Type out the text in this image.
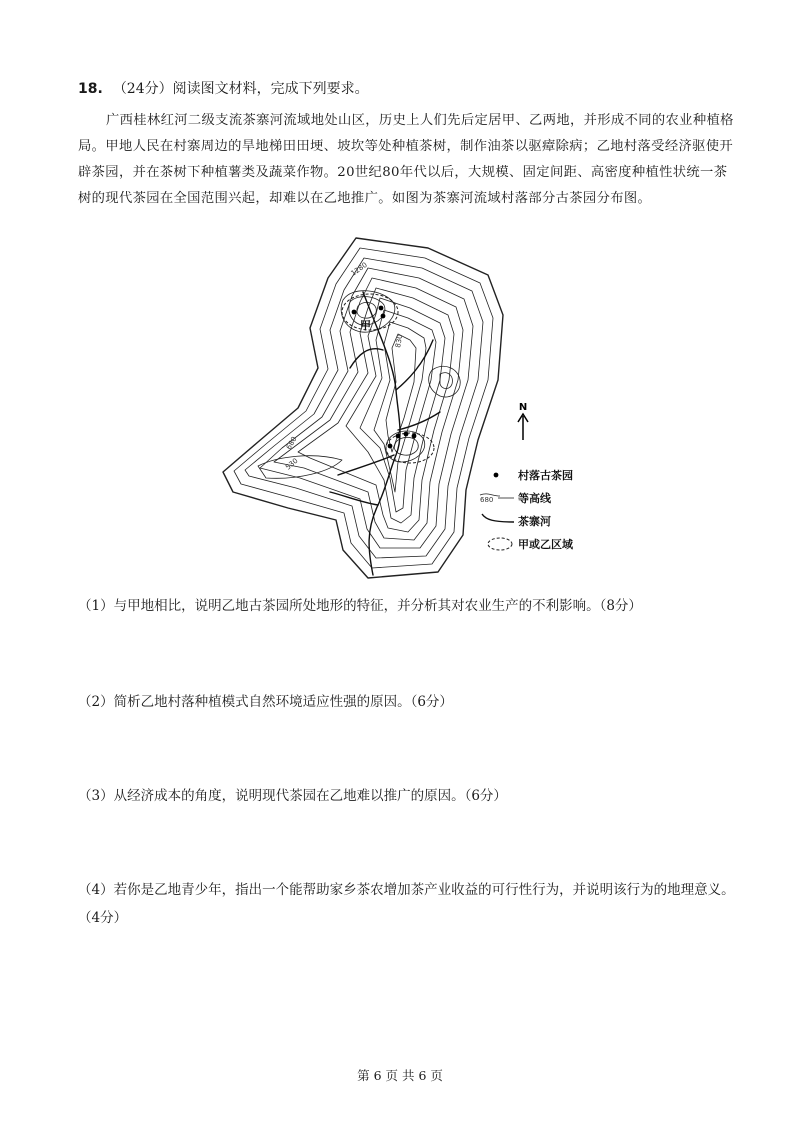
18. （24分）阅读图文材料，完成下列要求。
广西桂林红河二级支流茶寨河流域地处山区，历史上人们先后定居甲、乙两地，并形成不同的农业种植格局。甲地人民在村寨周边的旱地梯田田埂、坡坎等处种植茶树，制作油茶以驱瘴除病；乙地村落受经济驱使开辟茶园，并在茶树下种植薯类及蔬菜作物。20世纪80年代以后，大规模、固定间距、高密度种植性状统一茶树的现代茶园在全国范围兴起，却难以在乙地推广。如图为茶寨河流域村落部分古茶园分布图。
甲
1280
830
680
530
N
村落古茶园
680 等高线
茶寨河
甲或乙区域
（1）与甲地相比，说明乙地古茶园所处地形的特征，并分析其对农业生产的不利影响。（8分）
（2）简析乙地村落种植模式自然环境适应性强的原因。（6分）
（3）从经济成本的角度，说明现代茶园在乙地难以推广的原因。（6分）
（4）若你是乙地青少年，指出一个能帮助家乡茶农增加茶产业收益的可行性行为，并说明该行为的地理意义。（4分）
第 6 页 共 6 页
